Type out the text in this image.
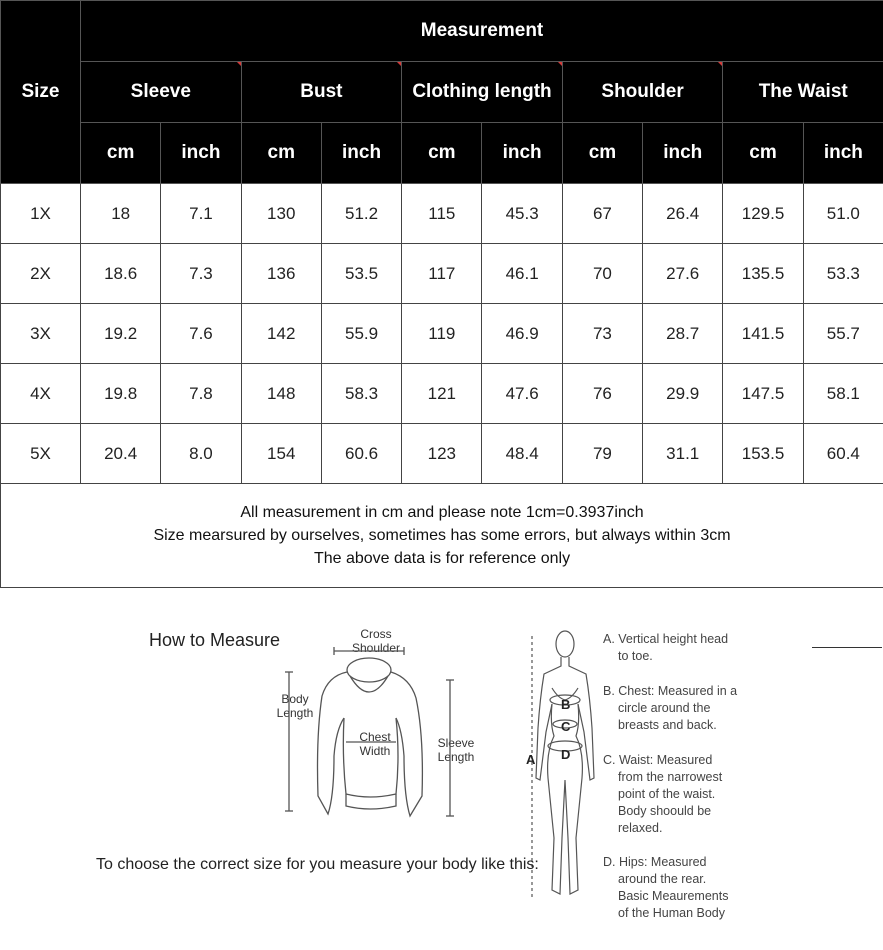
Size	Measurement									
	Sleeve		Bust		Clothing length		Shoulder		The Waist	
	cm	inch	cm	inch	cm	inch	cm	inch	cm	inch
1X	18	7.1	130	51.2	115	45.3	67	26.4	129.5	51.0
2X	18.6	7.3	136	53.5	117	46.1	70	27.6	135.5	53.3
3X	19.2	7.6	142	55.9	119	46.9	73	28.7	141.5	55.7
4X	19.8	7.8	148	58.3	121	47.6	76	29.9	147.5	58.1
5X	20.4	8.0	154	60.6	123	48.4	79	31.1	153.5	60.4

All measurement in cm and please note 1cm=0.3937inch
Size mearsured by ourselves, sometimes has some errors, but always within 3cm
The above data is for reference only										
How to Measure	Cross
Shoulder
Body
Length
Chest
Width
Sleeve
Length	A
B
C
D
A. Vertical height head
to toe.
B. Chest: Measured in a
circle around the
breasts and back.
C. Waist: Measured
from the narrowest
point of the waist.
Body shoould be
relaxed.
D. Hips: Measured
around the rear.
Basic Meaurements
of the Human Body
To choose the correct size for you measure your body like this:
